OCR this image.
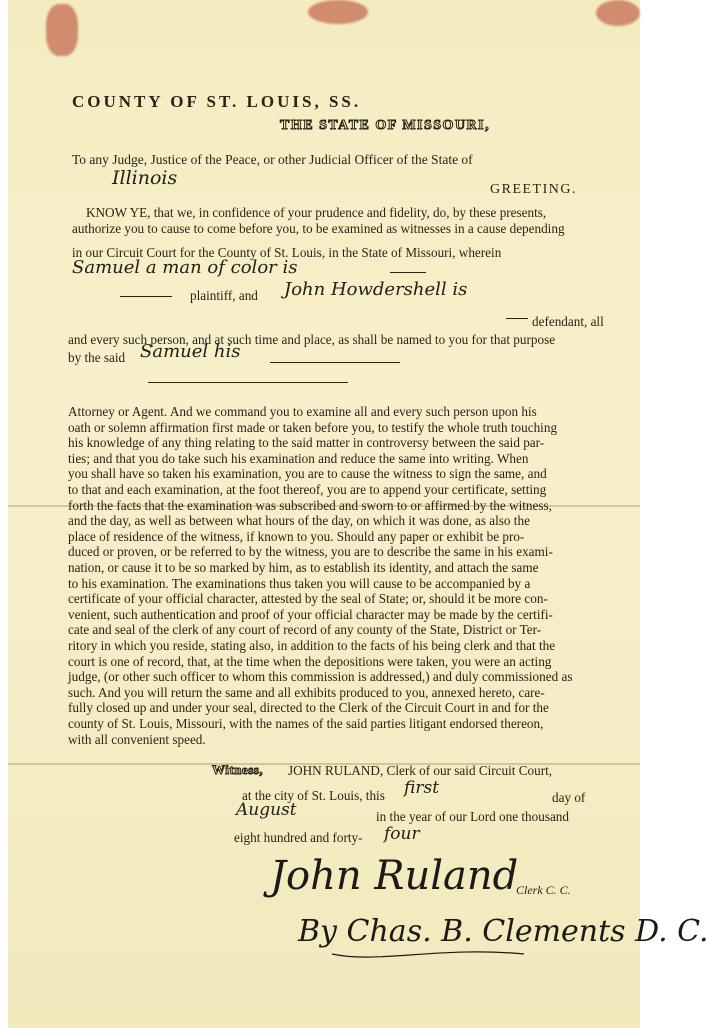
COUNTY OF ST. LOUIS, SS.
THE STATE OF MISSOURI,
To any Judge, Justice of the Peace, or other Judicial Officer of the State of
Illinois
GREETING.
KNOW YE, that we, in confidence of your prudence and fidelity, do, by these presents,
authorize you to cause to come before you, to be examined as witnesses in a cause depending
in our Circuit Court for the County of St. Louis, in the State of Missouri, wherein
Samuel a man of color is
plaintiff, and John Howdershell is
defendant, all
and every such person, and at such time and place, as shall be named to you for that purpose
by the said Samuel his
Attorney or Agent. And we command you to examine all and every such person upon his
oath or solemn affirmation first made or taken before you, to testify the whole truth touching
his knowledge of any thing relating to the said matter in controversy between the said par-
ties; and that you do take such his examination and reduce the same into writing. When
you shall have so taken his examination, you are to cause the witness to sign the same, and
to that and each examination, at the foot thereof, you are to append your certificate, setting
forth the facts that the examination was subscribed and sworn to or affirmed by the witness,
and the day, as well as between what hours of the day, on which it was done, as also the
place of residence of the witness, if known to you. Should any paper or exhibit be pro-
duced or proven, or be referred to by the witness, you are to describe the same in his exami-
nation, or cause it to be so marked by him, as to establish its identity, and attach the same
to his examination. The examinations thus taken you will cause to be accompanied by a
certificate of your official character, attested by the seal of State; or, should it be more con-
venient, such authentication and proof of your official character may be made by the certifi-
cate and seal of the clerk of any court of record of any county of the State, District or Ter-
ritory in which you reside, stating also, in addition to the facts of his being clerk and that the
court is one of record, that, at the time when the depositions were taken, you were an acting
judge, (or other such officer to whom this commission is addressed,) and duly commissioned as
such. And you will return the same and all exhibits produced to you, annexed hereto, care-
fully closed up and under your seal, directed to the Clerk of the Circuit Court in and for the
county of St. Louis, Missouri, with the names of the said parties litigant endorsed thereon,
with all convenient speed.
Witness, JOHN RULAND, Clerk of our said Circuit Court,
at the city of St. Louis, this first	day of
August	in the year of our Lord one thousand
eight hundred and forty- four
John Ruland
Clerk C. C.
By Chas. B. Clements D. C.
